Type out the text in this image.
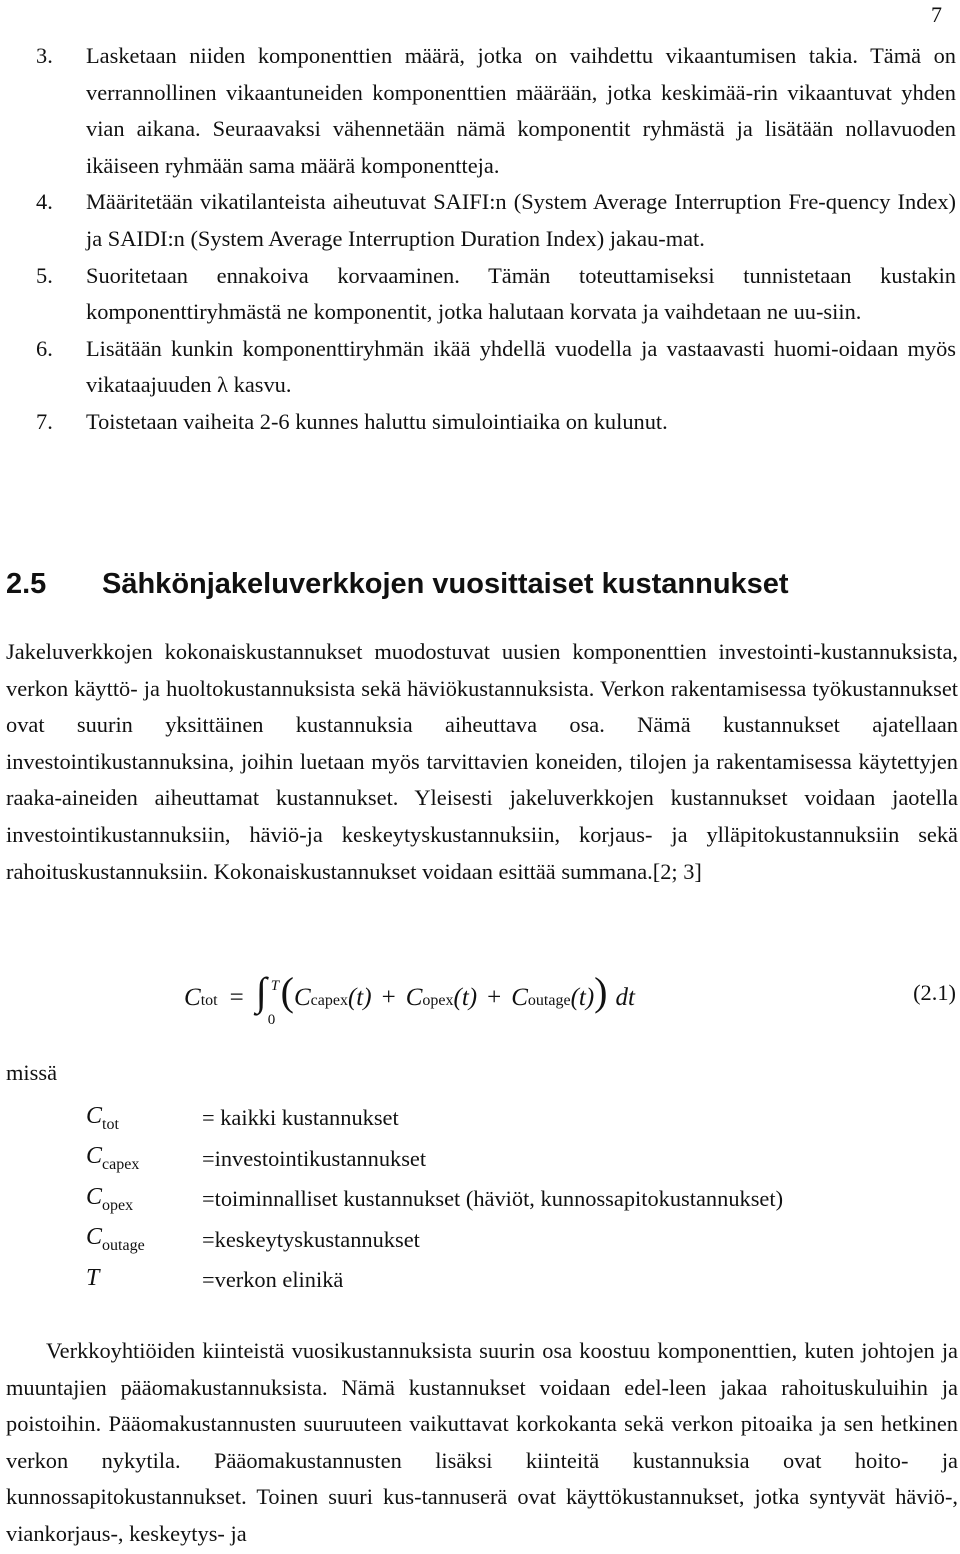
7
3.	Lasketaan niiden komponenttien määrä, jotka on vaihdettu vikaantumisen takia. Tämä on verrannollinen vikaantuneiden komponenttien määrään, jotka keskimää-rin vikaantuvat yhden vian aikana. Seuraavaksi vähennetään nämä komponentit ryhmästä ja lisätään nollavuoden ikäiseen ryhmään sama määrä komponentteja.
4.	Määritetään vikatilanteista aiheutuvat SAIFI:n (System Average Interruption Fre-quency Index) ja SAIDI:n (System Average Interruption Duration Index) jakau-mat.
5.	Suoritetaan ennakoiva korvaaminen. Tämän toteuttamiseksi tunnistetaan kustakin komponenttiryhmästä ne komponentit, jotka halutaan korvata ja vaihdetaan ne uu-siin.
6.	Lisätään kunkin komponenttiryhmän ikää yhdellä vuodella ja vastaavasti huomi-oidaan myös vikataajuuden λ kasvu.
7.	Toistetaan vaiheita 2-6 kunnes haluttu simulointiaika on kulunut.
2.5	Sähkönjakeluverkkojen vuosittaiset kustannukset
Jakeluverkkojen kokonaiskustannukset muodostuvat uusien komponenttien investointi-kustannuksista, verkon käyttö- ja huoltokustannuksista sekä häviökustannuksista. Verkon rakentamisessa työkustannukset ovat suurin yksittäinen kustannuksia aiheuttava osa. Nämä kustannukset ajatellaan investointikustannuksina, joihin luetaan myös tarvittavien koneiden, tilojen ja rakentamisessa käytettyjen raaka-aineiden aiheuttamat kustannukset. Yleisesti jakeluverkkojen kustannukset voidaan jaotella investointikustannuksiin, häviö-ja keskeytyskustannuksiin, korjaus- ja ylläpitokustannuksiin sekä rahoituskustannuksiin. Kokonaiskustannukset voidaan esittää summana.[2; 3]
C tot = ∫ T
0
( C capex (t) + C opex (t) + C outage (t) ) dt	(2.1)
missä
$C_{tot}$	= kaikki kustannukset
$C_{capex}$	=investointikustannukset
$C_{opex}$	=toiminnalliset kustannukset (häviöt, kunnossapitokustannukset)
$C_{outage}$	=keskeytyskustannukset
T	=verkon elinikä
Verkkoyhtiöiden kiinteistä vuosikustannuksista suurin osa koostuu komponenttien, kuten johtojen ja muuntajien pääomakustannuksista. Nämä kustannukset voidaan edel-leen jakaa rahoituskuluihin ja poistoihin. Pääomakustannusten suuruuteen vaikuttavat korkokanta sekä verkon pitoaika ja sen hetkinen verkon nykytila. Pääomakustannusten lisäksi kiinteitä kustannuksia ovat hoito- ja kunnossapitokustannukset. Toinen suuri kus-tannuserä ovat käyttökustannukset, jotka syntyvät häviö-, viankorjaus-, keskeytys- ja
